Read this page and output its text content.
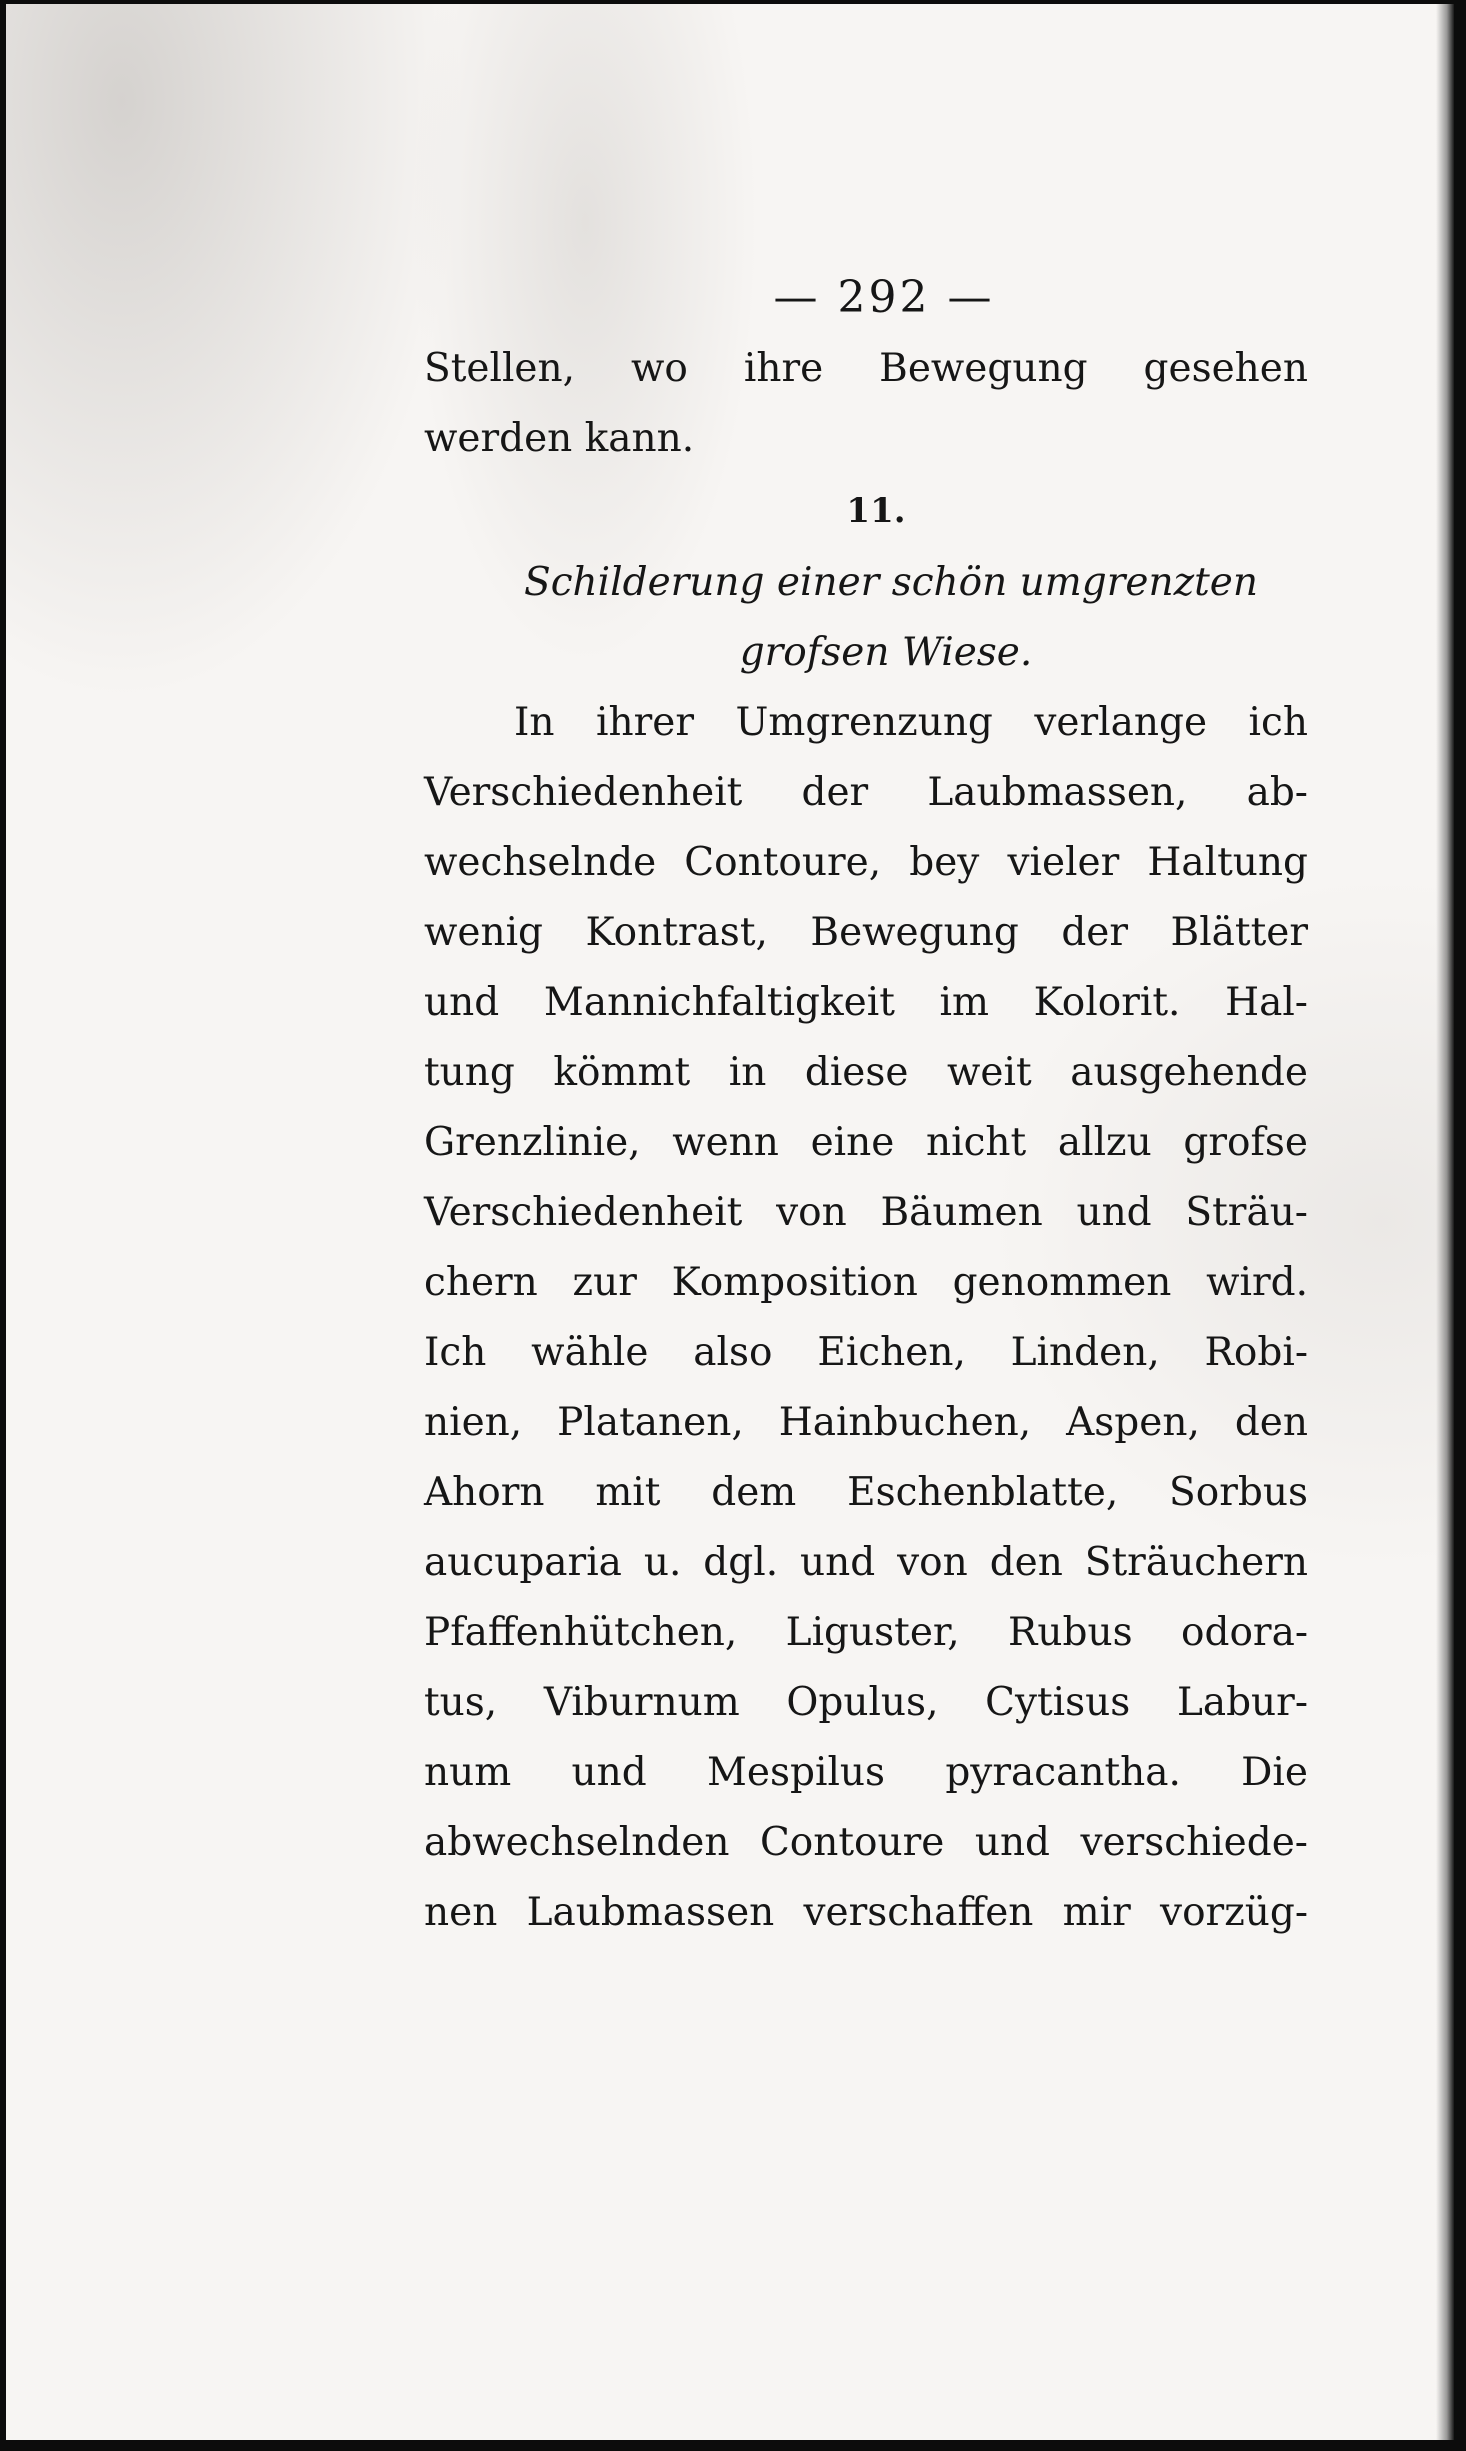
— 292 —
Stellen, wo ihre Bewegung gesehen
werden kann.
11.
Schilderung einer schön umgrenzten
grofsen Wiese.
In ihrer Umgrenzung verlange ich
Verschiedenheit der Laubmassen, ab-
wechselnde Contoure, bey vieler Haltung
wenig Kontrast, Bewegung der Blätter
und Mannichfaltigkeit im Kolorit. Hal-
tung kömmt in diese weit ausgehende
Grenzlinie, wenn eine nicht allzu grofse
Verschiedenheit von Bäumen und Sträu-
chern zur Komposition genommen wird.
Ich wähle also Eichen, Linden, Robi-
nien, Platanen, Hainbuchen, Aspen, den
Ahorn mit dem Eschenblatte, Sorbus
aucuparia u. dgl. und von den Sträuchern
Pfaffenhütchen, Liguster, Rubus odora-
tus, Viburnum Opulus, Cytisus Labur-
num und Mespilus pyracantha. Die
abwechselnden Contoure und verschiede-
nen Laubmassen verschaffen mir vorzüg-
